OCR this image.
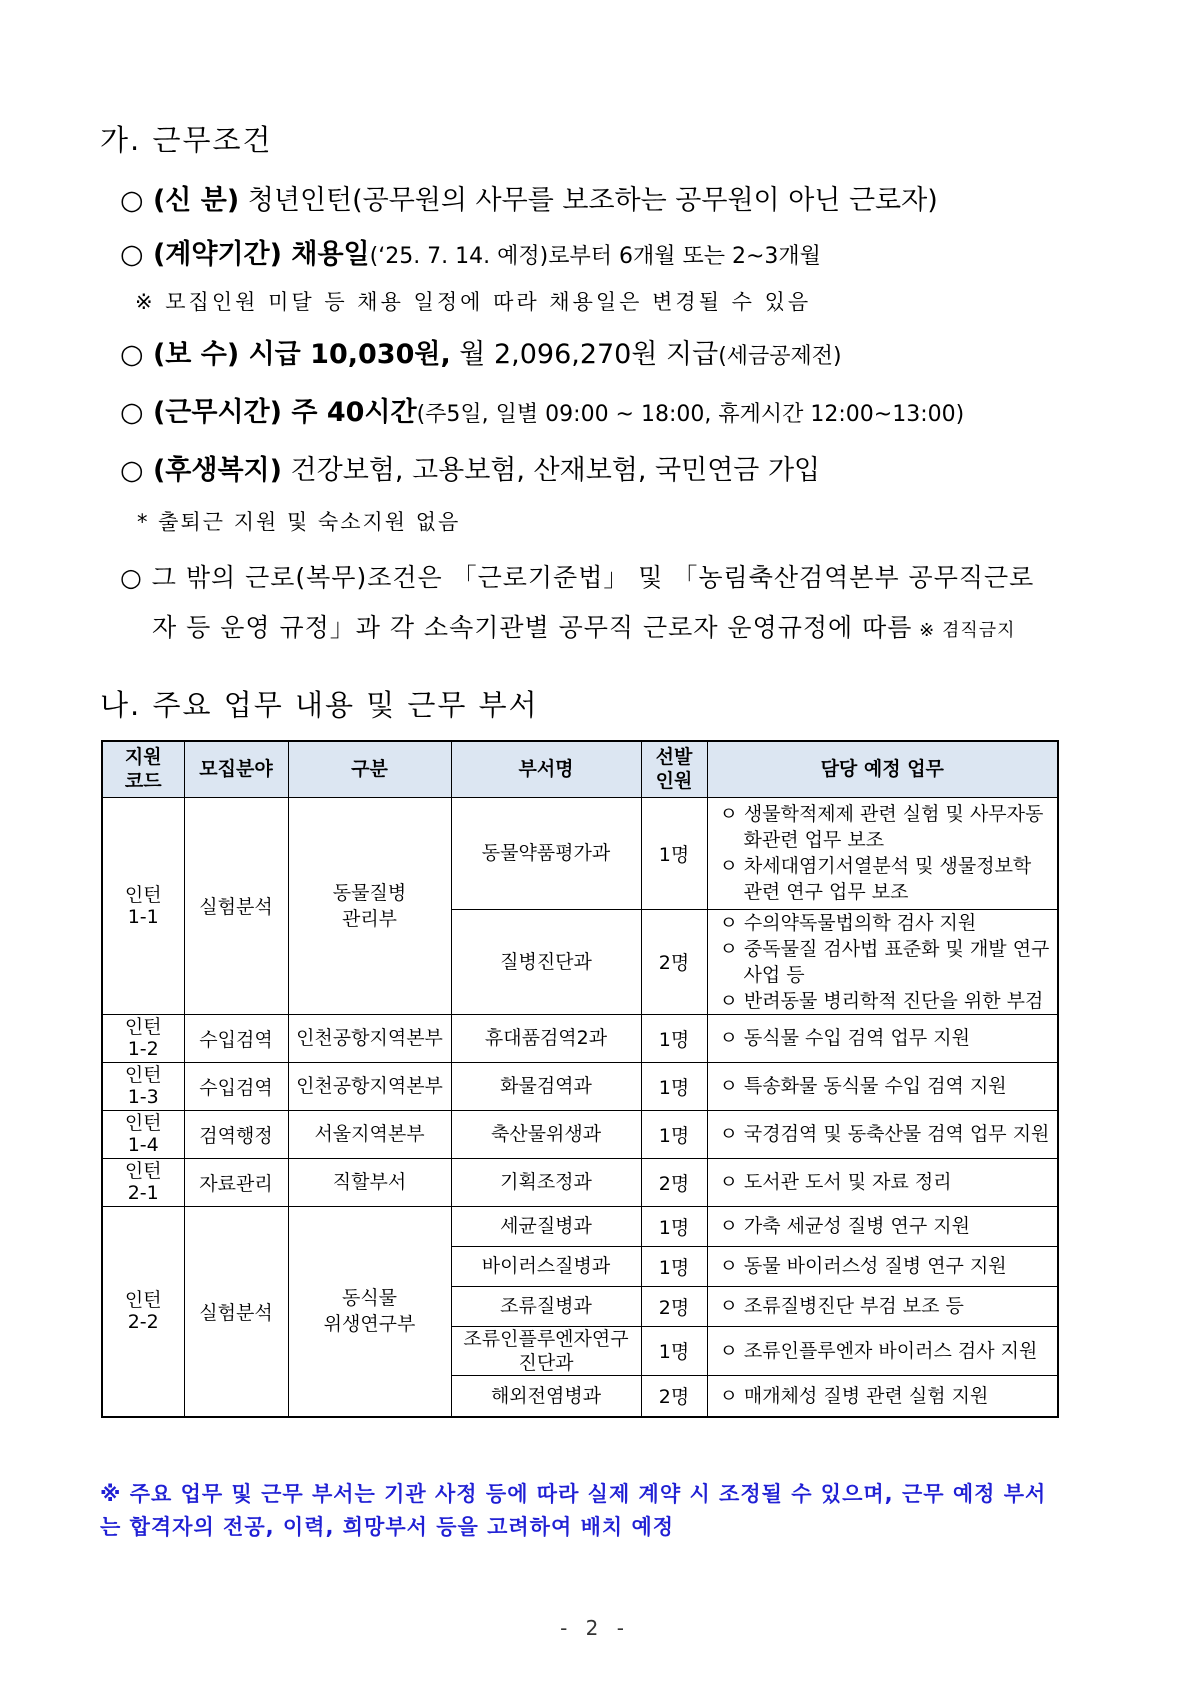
가. 근무조건
○ (신 분) 청년인턴(공무원의 사무를 보조하는 공무원이 아닌 근로자)
○ (계약기간) 채용일(‘25. 7. 14. 예정)로부터 6개월 또는 2~3개월
※ 모집인원 미달 등 채용 일정에 따라 채용일은 변경될 수 있음
○ (보 수) 시급 10,030원, 월 2,096,270원 지급(세금공제전)
○ (근무시간) 주 40시간(주5일, 일별 09:00 ~ 18:00, 휴게시간 12:00~13:00)
○ (후생복지) 건강보험, 고용보험, 산재보험, 국민연금 가입
* 출퇴근 지원 및 숙소지원 없음
○ 그 밖의 근로(복무)조건은 「근로기준법」 및 「농림축산검역본부 공무직근로
자 등 운영 규정」과 각 소속기관별 공무직 근로자 운영규정에 따름 ※ 겸직금지
나. 주요 업무 내용 및 근무 부서
지원
코드	모집분야	구분	부서명	선발
인원	담당 예정 업무
인턴
1-1	실험분석	동물질병
관리부	동물약품평가과	1명	ㅇ 생물학적제제 관련 실험 및 사무자동화관련 업무 보조
ㅇ 차세대염기서열분석 및 생물정보학 관련 연구 업무 보조

			질병진단과	2명	ㅇ 수의약독물법의학 검사 지원
ㅇ 중독물질 검사법 표준화 및 개발 연구사업 등
ㅇ 반려동물 병리학적 진단을 위한 부검

인턴
1-2	수입검역	인천공항지역본부	휴대품검역2과	1명	ㅇ 동식물 수입 검역 업무 지원

인턴
1-3	수입검역	인천공항지역본부	화물검역과	1명	ㅇ 특송화물 동식물 수입 검역 지원

인턴
1-4	검역행정	서울지역본부	축산물위생과	1명	ㅇ 국경검역 및 동축산물 검역 업무 지원

인턴
2-1	자료관리	직할부서	기획조정과	2명	ㅇ 도서관 도서 및 자료 정리

인턴
2-2	실험분석	동식물
위생연구부	세균질병과	1명	ㅇ 가축 세균성 질병 연구 지원

			바이러스질병과	1명	ㅇ 동물 바이러스성 질병 연구 지원

			조류질병과	2명	ㅇ 조류질병진단 부검 보조 등

			조류인플루엔자연구
진단과	1명	ㅇ 조류인플루엔자 바이러스 검사 지원

			해외전염병과	2명	ㅇ 매개체성 질병 관련 실험 지원
※ 주요 업무 및 근무 부서는 기관 사정 등에 따라 실제 계약 시 조정될 수 있으며, 근무 예정 부서는 합격자의 전공, 이력, 희망부서 등을 고려하여 배치 예정
- 2 -
